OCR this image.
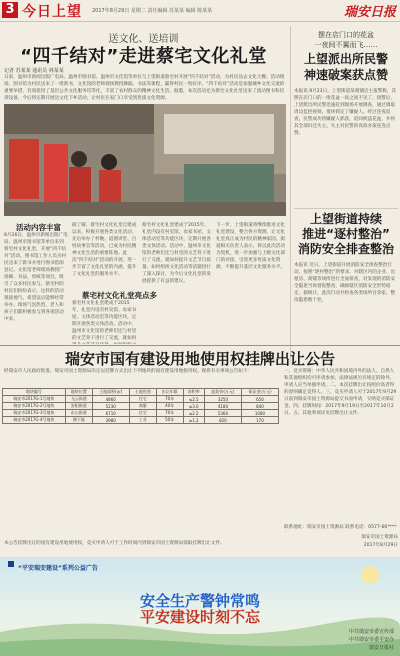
3 今日上望 2017年8月29日 星期二 责任编辑 苏某某 编辑 陈某某	瑞安日报
送文化、送培训
“四千结对”走进蔡宅文化礼堂
记者 苏某某 通讯员 林某某
日前，温州市新闻出版广电局、温州市图书馆、温州市文化馆等单位与上望街道蔡宅村开展“四千结对”活动，为村民送去文化大餐。活动现场，图书馆为村民送来了一批新书，文化馆的老师现场教授舞蹈、书法等课程，赢得村民一致好评。“四千结对”活动是加强城乡文化交流的重要举措，有效促进了基层公共文化服务均等化，丰富了农村群众的精神文化生活。据悉，本次活动还为蔡宅文化礼堂送来了流动图书和培训设备，今后将定期开展送文化下乡活动，让村民在家门口享受到优质文化资源。
活动内容丰富
8月26日，温州市新闻出版广电局、温州市图书馆等单位来到蔡宅村文化礼堂，开展“四千结对”活动。图书馆工作人员为村民送来了新书并进行图书借阅登记。文化馆老师现场教授广场舞、书法、剪纸等项目，吸引了众多村民参与。蔡宅村的村民们纷纷表示，这样的活动很接地气，希望以后能够经常举办。现场气氛热烈，老人和孩子们都积极参与到各项活动中来。
据了解，蔡宅村文化礼堂自建成以来，积极开展各类文化活动，先后举办了村晚、道德讲堂、百姓故事会等活动，已成为村民精神文化生活的重要阵地。此次“四千结对”活动的开展，进一步丰富了文化礼堂的内涵，提升了文化礼堂的服务水平。
蔡宅村文化礼堂亮点多
蔡宅村文化礼堂建成于2015年，礼堂内设有村史馆、农家书屋、文体活动室等功能区块，定期开展各类文体活动。活动中，温州市文化馆的老师们还与村里的文艺骨干进行了交流，就如何
蔡宅村文化礼堂建成于2015年，礼堂内设有村史馆、农家书屋、文体活动室等功能区块，定期开展各类文体活动。活动中，温州市文化馆的老师们还与村里的文艺骨干进行了交流，就如何提升文艺节目质量、如何组织文化活动等话题进行了深入探讨，为今后文化礼堂的发展提供了有益的建议。
下一步，上望街道将继续推进文化礼堂建设，整合各方资源，让文化礼堂真正成为村民的精神家园。街道相关负责人表示，将以此次活动为契机，进一步加强与上级文化部门的对接，引进更多优质文化资源，不断提升基层文化服务水平。
摆在店门口的花盆
一夜间不翼而飞……
上望派出所民警
神速破案获点赞
本报讯 8月23日，上望街道某商铺店主报警称，其摆在店门口的一批花盆一夜之间不见了。接警后，上望派出所民警迅速赶到现场开展调查，通过调取周边监控视频，很快锁定了嫌疑人。经过连夜追查，民警成功将嫌疑人抓获，追回被盗花盆，并将其全部归还失主。失主对民警的高效办案连连点赞。
上望街道持续
推进“逐村整治”
消防安全排查整治
本报讯 近日，上望街道开展消防安全排查整治行动，按照“逐村整治”的要求，对辖区内的企业、出租房、商铺等场所进行全面排查，对发现的消防安全隐患当场督促整改，确保辖区消防安全形势稳定。据统计，此次行动共检查各类场所百余家，整改隐患数十处。
瑞安市国有建设用地使用权挂牌出让公告
经瑞安市人民政府批准，瑞安市国土资源局决定以挂牌方式出让下列地块的国有建设用地使用权。现将有关事项公告如下：
地块编号	地块位置	土地面积(㎡)	土地用途	出让年限	容积率	起始价(万元)	保证金(万元)
瑞安市2017G-1号地块	飞云街道	4860	住宅	70年	≤2.5	3250	650
瑞安市2017G-2号地块	安阳街道	5230	商服	40年	≤3.0	4180	840
瑞安市2017G-3号地块	东山街道	6710	住宅	70年	≤2.2	5360	1080
瑞安市2017G-4号地块	塘下镇	3980	工业	50年	≥1.2	820	170
本公告挂牌出让的国有建设用地使用权，竞买申请人可于工作时间内到瑞安市国土资源局领取挂牌出让文件。
一、竞买资格：中华人民共和国境内外的法人、自然人和其他组织均可申请参加，法律法规另有规定的除外。申请人应当单独申请。二、本次挂牌出让按照价高者得的原则确定竞得人。三、竞买申请人可于2017年9月29日前到瑞安市国土资源局提交书面申请，交纳竞买保证金。四、挂牌时间：2017年9月19日至2017年10月2日。五、其他事项详见挂牌出让文件。
联系地址：瑞安市国土资源局 联系电话：0577-66****
瑞安市国土资源局
2017年8月29日
“平安瑞安建设”系列公益广告
安全生产警钟常鸣
平安建设时刻不忘
中共瑞安市委宣传部
中共瑞安市委平安办
瑞安日报社
